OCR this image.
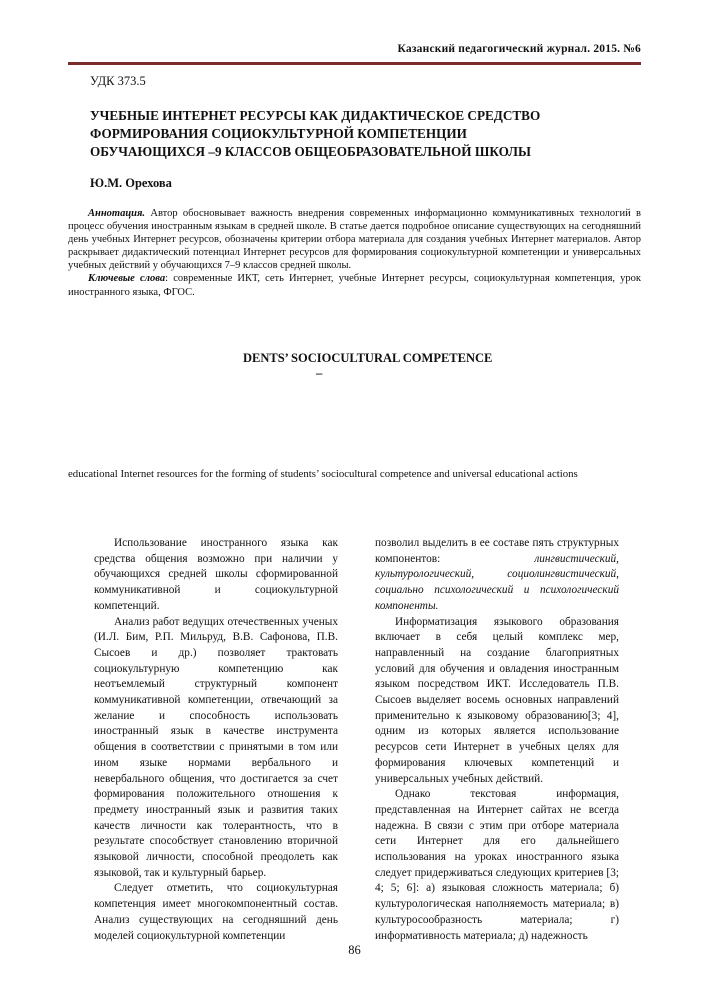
Казанский педагогический журнал. 2015. №6
УДК 373.5
УЧЕБНЫЕ ИНТЕРНЕТ РЕСУРСЫ КАК ДИДАКТИЧЕСКОЕ СРЕДСТВО
ФОРМИРОВАНИЯ СОЦИОКУЛЬТУРНОЙ КОМПЕТЕНЦИИ
ОБУЧАЮЩИХСЯ –9 КЛАССОВ ОБЩЕОБРАЗОВАТЕЛЬНОЙ ШКОЛЫ
Ю.М. Орехова

Аннотация. Автор обосновывает важность внедрения современных информационно коммуникативных технологий в процесс обучения иностранным языкам в средней школе. В статье дается подробное описание существующих на сегодняшний день учебных Интернет ресурсов, обозначены критерии отбора материала для создания учебных Интернет материалов. Автор раскрывает дидактический потенциал Интернет ресурсов для формирования социокультурной компетенции и универсальных учебных действий у обучающихся 7–9 классов средней школы.

Ключевые слова: современные ИКТ, сеть Интернет, учебные Интернет ресурсы, социокультурная компетенция, урок иностранного языка, ФГОС.

DENTS’ SOCIOCULTURAL COMPETENCE
–
educational Internet resources for the forming of students’ sociocultural competence and universal educational actions

Использование иностранного языка как средства общения возможно при наличии у обучающихся средней школы сформированной коммуникативной и социокультурной компетенций.

Анализ работ ведущих отечественных ученых (И.Л. Бим, Р.П. Мильруд, В.В. Сафонова, П.В. Сысоев и др.) позволяет трактовать социокультурную компетенцию как неотъемлемый структурный компонент коммуникативной компетенции, отвечающий за желание и способность использовать иностранный язык в качестве инструмента общения в соответствии с принятыми в том или ином языке нормами вербального и невербального общения, что достигается за счет формирования положительного отношения к предмету иностранный язык и развития таких качеств личности как толерантность, что в результате способствует становлению вторичной языковой личности, способной преодолеть как языковой, так и культурный барьер.

Следует отметить, что социокультурная компетенция имеет многокомпонентный состав. Анализ существующих на сегодняшний день моделей социокультурной компетенции

позволил выделить в ее составе пять структурных компонентов: лингвистический, культурологический, социолингвистический, социально психологический и психологический компоненты.

Информатизация языкового образования включает в себя целый комплекс мер, направленный на создание благоприятных условий для обучения и овладения иностранным языком посредством ИКТ. Исследователь П.В. Сысоев выделяет восемь основных направлений применительно к языковому образованию[3; 4], одним из которых является использование ресурсов сети Интернет в учебных целях для формирования ключевых компетенций и универсальных учебных действий.

Однако текстовая информация, представленная на Интернет сайтах не всегда надежна. В связи с этим при отборе материала сети Интернет для его дальнейшего использования на уроках иностранного языка следует придерживаться следующих критериев [3; 4; 5; 6]: а) языковая сложность материала; б) культурологическая наполняемость материала; в) культуросообразность материала; г) информативность материала; д) надежность

86
